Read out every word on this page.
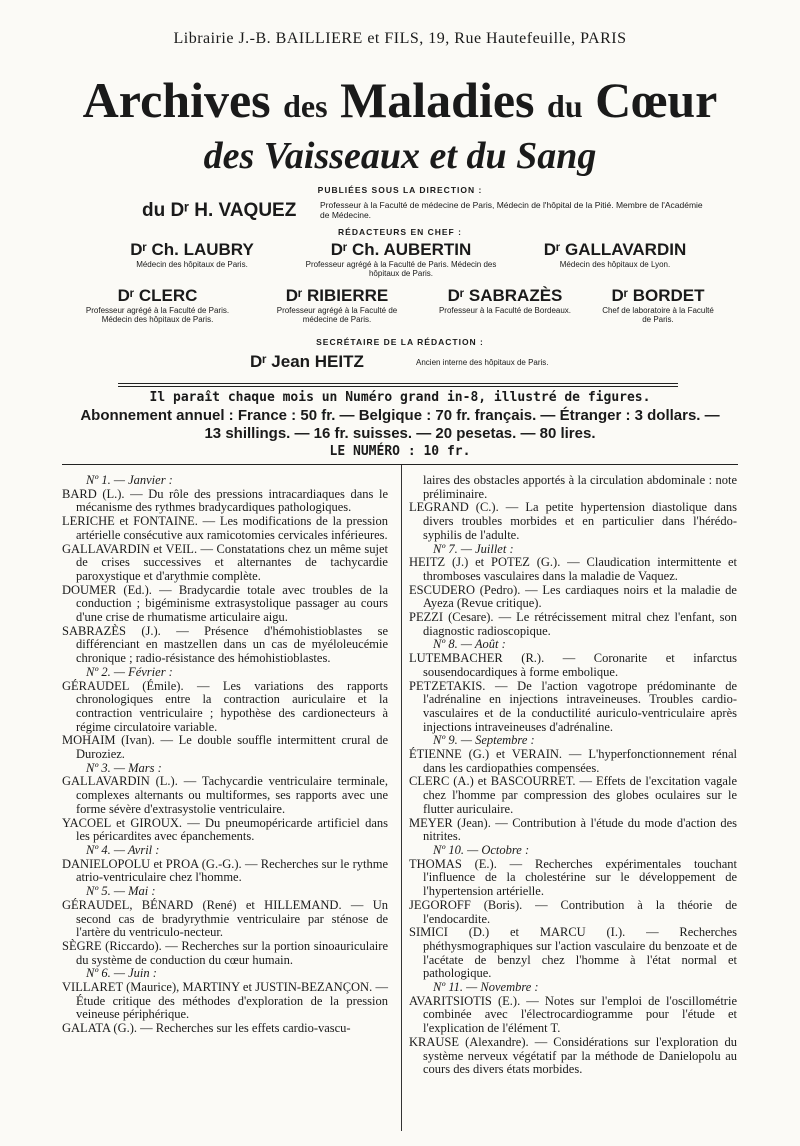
Librairie J.-B. BAILLIERE et FILS, 19, Rue Hautefeuille, PARIS
Archives des Maladies du Cœur
des Vaisseaux et du Sang
PUBLIÉES SOUS LA DIRECTION :
du Dʳ H. VAQUEZ	Professeur à la Faculté de médecine de Paris, Médecin de l'hôpital de la Pitié. Membre de l'Académie de Médecine.
RÉDACTEURS EN CHEF :
Dʳ Ch. LAUBRY
Médecin des hôpitaux de Paris.
Dʳ Ch. AUBERTIN
Professeur agrégé à la Faculté de Paris. Médecin des hôpitaux de Paris.
Dʳ GALLAVARDIN
Médecin des hôpitaux de Lyon.
Dʳ CLERC
Professeur agrégé à la Faculté de Paris. Médecin des hôpitaux de Paris.
Dʳ RIBIERRE
Professeur agrégé à la Faculté de médecine de Paris.
Dʳ SABRAZÈS
Professeur à la Faculté de Bordeaux.
Dʳ BORDET
Chef de laboratoire à la Faculté de Paris.
SECRÉTAIRE DE LA RÉDACTION :
Dʳ Jean HEITZ	Ancien interne des hôpitaux de Paris.
Il paraît chaque mois un Numéro grand in-8, illustré de figures.
Abonnement annuel : France : 50 fr. — Belgique : 70 fr. français. — Étranger : 3 dollars. —
13 shillings. — 16 fr. suisses. — 20 pesetas. — 80 lires.
LE NUMÉRO : 10 fr.
Nº 1. — Janvier :
BARD (L.). — Du rôle des pressions intracardiaques dans le mécanisme des rythmes bradycardiques pathologiques.
LERICHE et FONTAINE. — Les modifications de la pression artérielle consécutive aux ramicotomies cervicales inférieures.
GALLAVARDIN et VEIL. — Constatations chez un même sujet de crises successives et alternantes de tachycardie paroxystique et d'arythmie complète.
DOUMER (Ed.). — Bradycardie totale avec troubles de la conduction ; bigéminisme extrasystolique passager au cours d'une crise de rhumatisme articulaire aigu.
SABRAZÈS (J.). — Présence d'hémohistioblastes se différenciant en mastzellen dans un cas de myéloleucémie chronique ; radio-résistance des hémohistioblastes.
Nº 2. — Février :
GÉRAUDEL (Émile). — Les variations des rapports chronologiques entre la contraction auriculaire et la contraction ventriculaire ; hypothèse des cardionecteurs à régime circulatoire variable.
MOHAIM (Ivan). — Le double souffle intermittent crural de Duroziez.
Nº 3. — Mars :
GALLAVARDIN (L.). — Tachycardie ventriculaire terminale, complexes alternants ou multiformes, ses rapports avec une forme sévère d'extrasystolie ventriculaire.
YACOEL et GIROUX. — Du pneumopéricarde artificiel dans les péricardites avec épanchements.
Nº 4. — Avril :
DANIELOPOLU et PROA (G.-G.). — Recherches sur le rythme atrio-ventriculaire chez l'homme.
Nº 5. — Mai :
GÉRAUDEL, BÉNARD (René) et HILLEMAND. — Un second cas de bradyrythmie ventriculaire par sténose de l'artère du ventriculo-necteur.
SÈGRE (Riccardo). — Recherches sur la portion sinoauriculaire du système de conduction du cœur humain.
Nº 6. — Juin :
VILLARET (Maurice), MARTINY et JUSTIN-BEZANÇON. — Étude critique des méthodes d'exploration de la pression veineuse périphérique.
GALATA (G.). — Recherches sur les effets cardio-vascu-
laires des obstacles apportés à la circulation abdominale : note préliminaire.
LEGRAND (C.). — La petite hypertension diastolique dans divers troubles morbides et en particulier dans l'hérédo-syphilis de l'adulte.
Nº 7. — Juillet :
HEITZ (J.) et POTEZ (G.). — Claudication intermittente et thromboses vasculaires dans la maladie de Vaquez.
ESCUDERO (Pedro). — Les cardiaques noirs et la maladie de Ayeza (Revue critique).
PEZZI (Cesare). — Le rétrécissement mitral chez l'enfant, son diagnostic radioscopique.
Nº 8. — Août :
LUTEMBACHER (R.). — Coronarite et infarctus sousendocardiques à forme embolique.
PETZETAKIS. — De l'action vagotrope prédominante de l'adrénaline en injections intraveineuses. Troubles cardio-vasculaires et de la conductilité auriculo-ventriculaire après injections intraveineuses d'adrénaline.
Nº 9. — Septembre :
ÉTIENNE (G.) et VERAIN. — L'hyperfonctionnement rénal dans les cardiopathies compensées.
CLERC (A.) et BASCOURRET. — Effets de l'excitation vagale chez l'homme par compression des globes oculaires sur le flutter auriculaire.
MEYER (Jean). — Contribution à l'étude du mode d'action des nitrites.
Nº 10. — Octobre :
THOMAS (E.). — Recherches expérimentales touchant l'influence de la cholestérine sur le développement de l'hypertension artérielle.
JEGOROFF (Boris). — Contribution à la théorie de l'endocardite.
SIMICI (D.) et MARCU (I.). — Recherches phéthysmographiques sur l'action vasculaire du benzoate et de l'acétate de benzyl chez l'homme à l'état normal et pathologique.
Nº 11. — Novembre :
AVARITSIOTIS (E.). — Notes sur l'emploi de l'oscillométrie combinée avec l'électrocardiogramme pour l'étude et l'explication de l'élément T.
KRAUSE (Alexandre). — Considérations sur l'exploration du système nerveux végétatif par la méthode de Danielopolu au cours des divers états morbides.
